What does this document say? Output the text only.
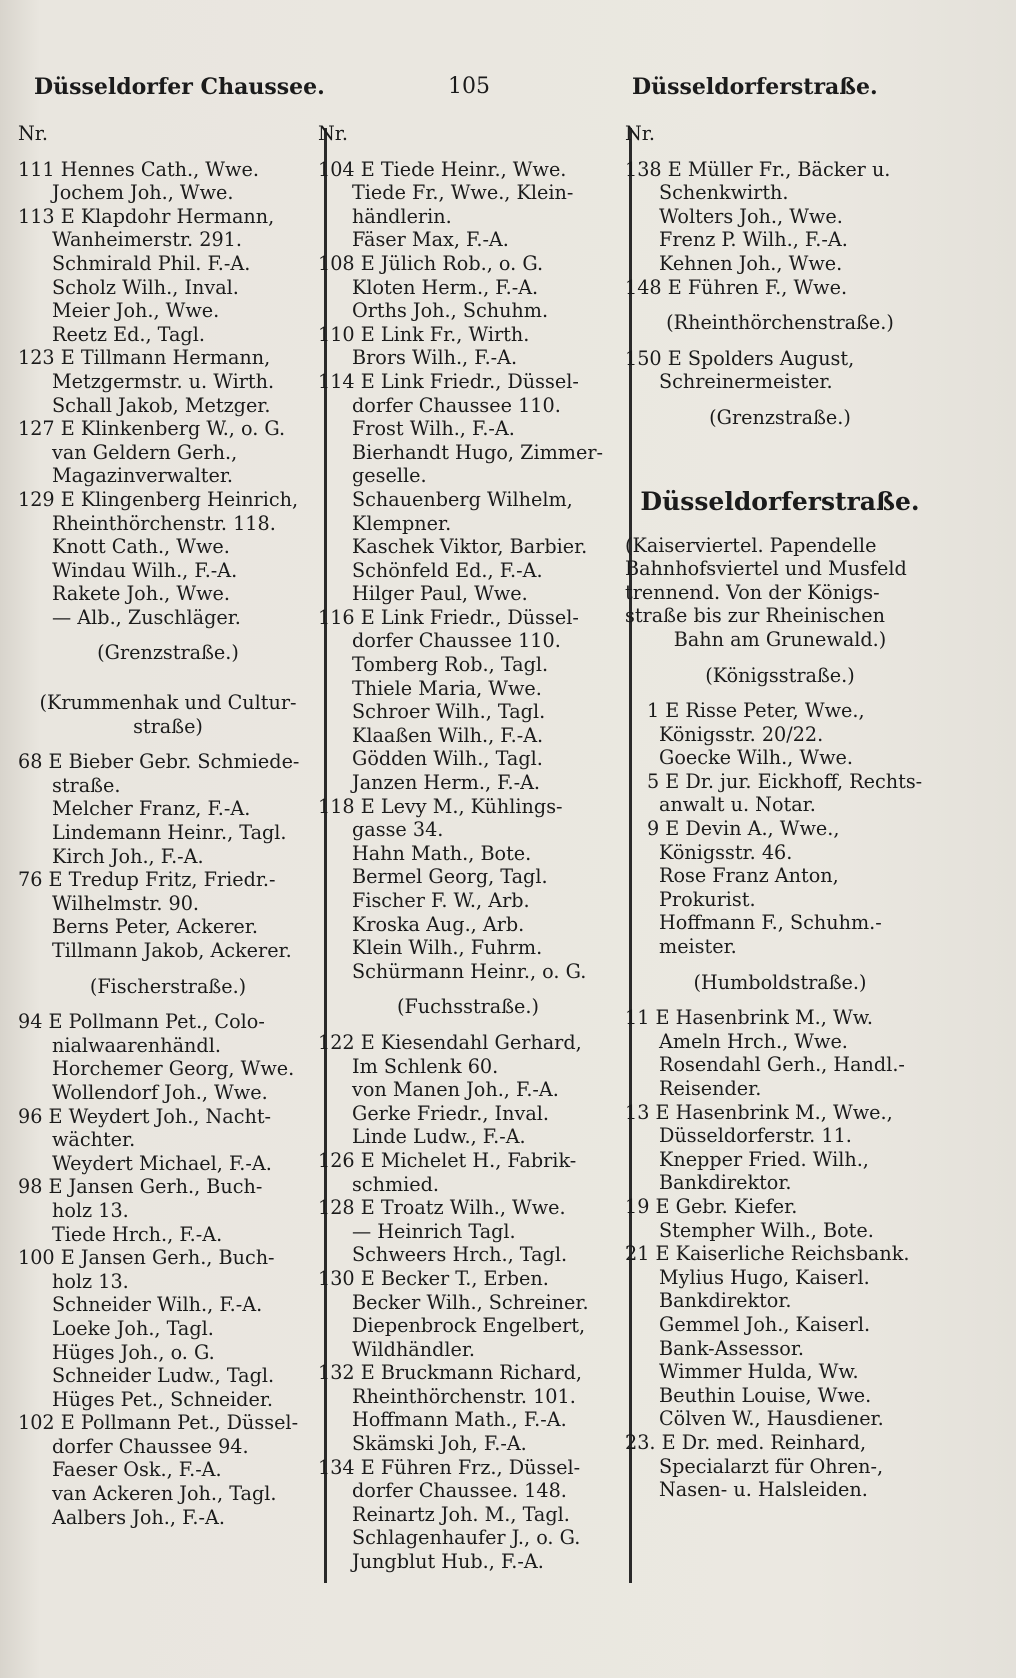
Düsseldorfer Chaussee.	105	Düsseldorferstraße.
Nr.
111 Hennes Cath., Wwe.
Jochem Joh., Wwe.
113 E Klapdohr Hermann,
Wanheimerstr. 291.
Schmirald Phil. F.-A.
Scholz Wilh., Inval.
Meier Joh., Wwe.
Reetz Ed., Tagl.
123 E Tillmann Hermann,
Metzgermstr. u. Wirth.
Schall Jakob, Metzger.
127 E Klinkenberg W., o. G.
van Geldern Gerh.,
Magazinverwalter.
129 E Klingenberg Heinrich,
Rheinthörchenstr. 118.
Knott Cath., Wwe.
Windau Wilh., F.-A.
Rakete Joh., Wwe.
— Alb., Zuschläger.
(Grenzstraße.)
(Krummenhak und Cultur-
straße)
68 E Bieber Gebr. Schmiede-
straße.
Melcher Franz, F.-A.
Lindemann Heinr., Tagl.
Kirch Joh., F.-A.
76 E Tredup Fritz, Friedr.-
Wilhelmstr. 90.
Berns Peter, Ackerer.
Tillmann Jakob, Ackerer.
(Fischerstraße.)
94 E Pollmann Pet., Colo-
nialwaarenhändl.
Horchemer Georg, Wwe.
Wollendorf Joh., Wwe.
96 E Weydert Joh., Nacht-
wächter.
Weydert Michael, F.-A.
98 E Jansen Gerh., Buch-
holz 13.
Tiede Hrch., F.-A.
100 E Jansen Gerh., Buch-
holz 13.
Schneider Wilh., F.-A.
Loeke Joh., Tagl.
Hüges Joh., o. G.
Schneider Ludw., Tagl.
Hüges Pet., Schneider.
102 E Pollmann Pet., Düssel-
dorfer Chaussee 94.
Faeser Osk., F.-A.
van Ackeren Joh., Tagl.
Aalbers Joh., F.-A.
Nr.
104 E Tiede Heinr., Wwe.
Tiede Fr., Wwe., Klein-
händlerin.
Fäser Max, F.-A.
108 E Jülich Rob., o. G.
Kloten Herm., F.-A.
Orths Joh., Schuhm.
110 E Link Fr., Wirth.
Brors Wilh., F.-A.
114 E Link Friedr., Düssel-
dorfer Chaussee 110.
Frost Wilh., F.-A.
Bierhandt Hugo, Zimmer-
geselle.
Schauenberg Wilhelm,
Klempner.
Kaschek Viktor, Barbier.
Schönfeld Ed., F.-A.
Hilger Paul, Wwe.
116 E Link Friedr., Düssel-
dorfer Chaussee 110.
Tomberg Rob., Tagl.
Thiele Maria, Wwe.
Schroer Wilh., Tagl.
Klaaßen Wilh., F.-A.
Gödden Wilh., Tagl.
Janzen Herm., F.-A.
118 E Levy M., Kühlings-
gasse 34.
Hahn Math., Bote.
Bermel Georg, Tagl.
Fischer F. W., Arb.
Kroska Aug., Arb.
Klein Wilh., Fuhrm.
Schürmann Heinr., o. G.
(Fuchsstraße.)
122 E Kiesendahl Gerhard,
Im Schlenk 60.
von Manen Joh., F.-A.
Gerke Friedr., Inval.
Linde Ludw., F.-A.
126 E Michelet H., Fabrik-
schmied.
128 E Troatz Wilh., Wwe.
— Heinrich Tagl.
Schweers Hrch., Tagl.
130 E Becker T., Erben.
Becker Wilh., Schreiner.
Diepenbrock Engelbert,
Wildhändler.
132 E Bruckmann Richard,
Rheinthörchenstr. 101.
Hoffmann Math., F.-A.
Skämski Joh, F.-A.
134 E Führen Frz., Düssel-
dorfer Chaussee. 148.
Reinartz Joh. M., Tagl.
Schlagenhaufer J., o. G.
Jungblut Hub., F.-A.
Nr.
138 E Müller Fr., Bäcker u.
Schenkwirth.
Wolters Joh., Wwe.
Frenz P. Wilh., F.-A.
Kehnen Joh., Wwe.
148 E Führen F., Wwe.
(Rheinthörchenstraße.)
150 E Spolders August,
Schreinermeister.
(Grenzstraße.)
Düsseldorferstraße.
(Kaiserviertel. Papendelle
Bahnhofsviertel und Musfeld
trennend. Von der Königs-
straße bis zur Rheinischen
Bahn am Grunewald.)
(Königsstraße.)
1 E Risse Peter, Wwe.,
Königsstr. 20/22.
Goecke Wilh., Wwe.
5 E Dr. jur. Eickhoff, Rechts-
anwalt u. Notar.
9 E Devin A., Wwe.,
Königsstr. 46.
Rose Franz Anton,
Prokurist.
Hoffmann F., Schuhm.-
meister.
(Humboldstraße.)
11 E Hasenbrink M., Ww.
Ameln Hrch., Wwe.
Rosendahl Gerh., Handl.-
Reisender.
13 E Hasenbrink M., Wwe.,
Düsseldorferstr. 11.
Knepper Fried. Wilh.,
Bankdirektor.
19 E Gebr. Kiefer.
Stempher Wilh., Bote.
21 E Kaiserliche Reichsbank.
Mylius Hugo, Kaiserl.
Bankdirektor.
Gemmel Joh., Kaiserl.
Bank-Assessor.
Wimmer Hulda, Ww.
Beuthin Louise, Wwe.
Cölven W., Hausdiener.
23. E Dr. med. Reinhard,
Specialarzt für Ohren-,
Nasen- u. Halsleiden.
